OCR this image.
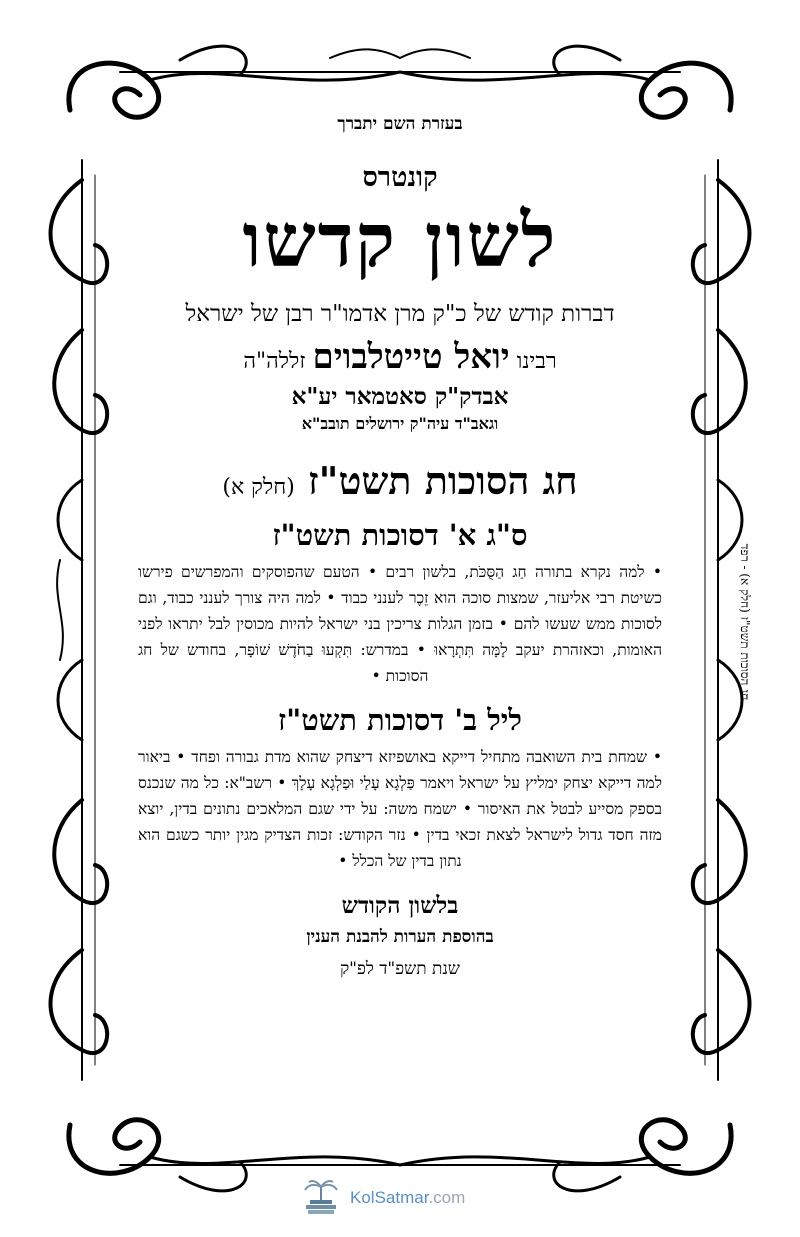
בעזרת השם יתברך
קונטרס
לשון קדשו
דברות קודש של כ"ק מרן אדמו"ר רבן של ישראל
רבינו יואל טייטלבוים זללה"ה
אבדק"ק סאטמאר יע"א
וגאב"ד עיה"ק ירושלים תובב"א
חג הסוכות תשט"ז (חלק א)
ס"ג א' דסוכות תשט"ז
• למה נקרא בתורה חַג הַסֻּכֹּת, בלשון רבים • הטעם שהפוסקים והמפרשים פירשו כשיטת רבי אליעזר, שמצות סוכה הוא זֵכֶר לענני כבוד • למה היה צורך לענני כבוד, וגם לסוכות ממש שעשו להם • בזמן הגלות צריכין בני ישראל להיות מכוסין לבל יתראו לפני האומות, וכאזהרת יעקב לָמָּה תִּתְרָאוּ • במדרש: תִּקְעוּ בַחֹדֶשׁ שׁוֹפָר, בחודש של חג הסוכות •
ליל ב' דסוכות תשט"ז
• שמחת בית השואבה מתחיל דייקא באושפיזא דיצחק שהוא מדת גבורה ופחד • ביאור למה דייקא יצחק ימליץ על ישראל ויאמר פַּלְגָא עָלַי וּפַלְגָא עָלָךְ • רשב"א: כל מה שנכנס בספק מסייע לבטל את האיסור • ישמח משה: על ידי שגם המלאכים נתונים בדין, יוצא מזה חסד גדול לישראל לצאת זכאי בדין • נזר הקודש: זכות הצדיק מגין יותר כשגם הוא נתון בדין של הכלל •
בלשון הקודש
בהוספת הערות להבנת הענין
שנת תשפ"ד לפ"ק
חג הסוכות תשט"ז (חלק א) - רפד
KolSatmar.com
